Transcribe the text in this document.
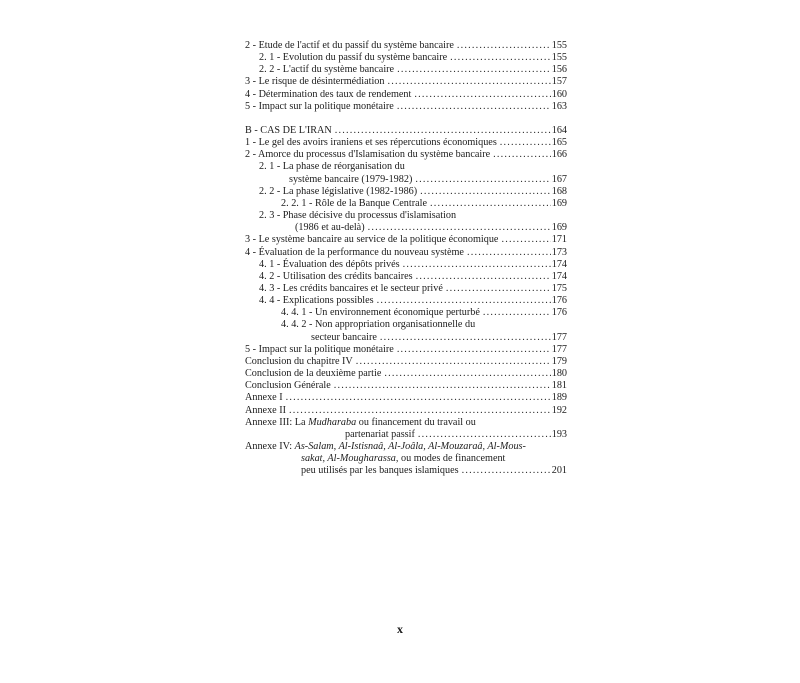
2 - Etude de l'actif et du passif du système bancaire .....	155
2. 1 - Evolution du passif du système bancaire .....	155
2. 2 - L'actif du système bancaire .....	156
3 - Le risque de désintermédiation .....	157
4 - Détermination des taux de rendement .....	160
5 - Impact sur la politique monétaire .....	163
B - CAS DE L'IRAN .....	164
1 - Le gel des avoirs iraniens et ses répercutions économiques .....	165
2 - Amorce du processus d'Islamisation du système bancaire .....	166
2. 1 - La phase de réorganisation du
système bancaire (1979-1982) .....	167
2. 2 - La phase législative (1982-1986) .....	168
2. 2. 1 - Rôle de la Banque Centrale .....	169
2. 3 - Phase décisive du processus d'islamisation
(1986 et au-delà) .....	169
3 - Le système bancaire au service de la politique économique .....	171
4 - Évaluation de la performance du nouveau système .....	173
4. 1 - Évaluation des dépôts privés .....	174
4. 2 - Utilisation des crédits bancaires .....	174
4. 3 - Les crédits bancaires et le secteur privé .....	175
4. 4 - Explications possibles .....	176
4. 4. 1 - Un environnement économique perturbé .....	176
4. 4. 2 - Non appropriation organisationnelle du
secteur bancaire .....	177
5 - Impact sur la politique monétaire .....	177
Conclusion du chapitre IV .....	179
Conclusion de la deuxième partie .....	180
Conclusion Générale .....	181
Annexe I .....	189
Annexe II .....	192
Annexe III: La Mudharaba ou financement du travail ou
partenariat passif .....	193
Annexe IV: As-Salam, Al-Istisnaâ, Al-Joâla, Al-Mouzaraâ, Al-Mous-
sakat, Al-Mougharassa, ou modes de financement
peu utilisés par les banques islamiques .....	201
x
